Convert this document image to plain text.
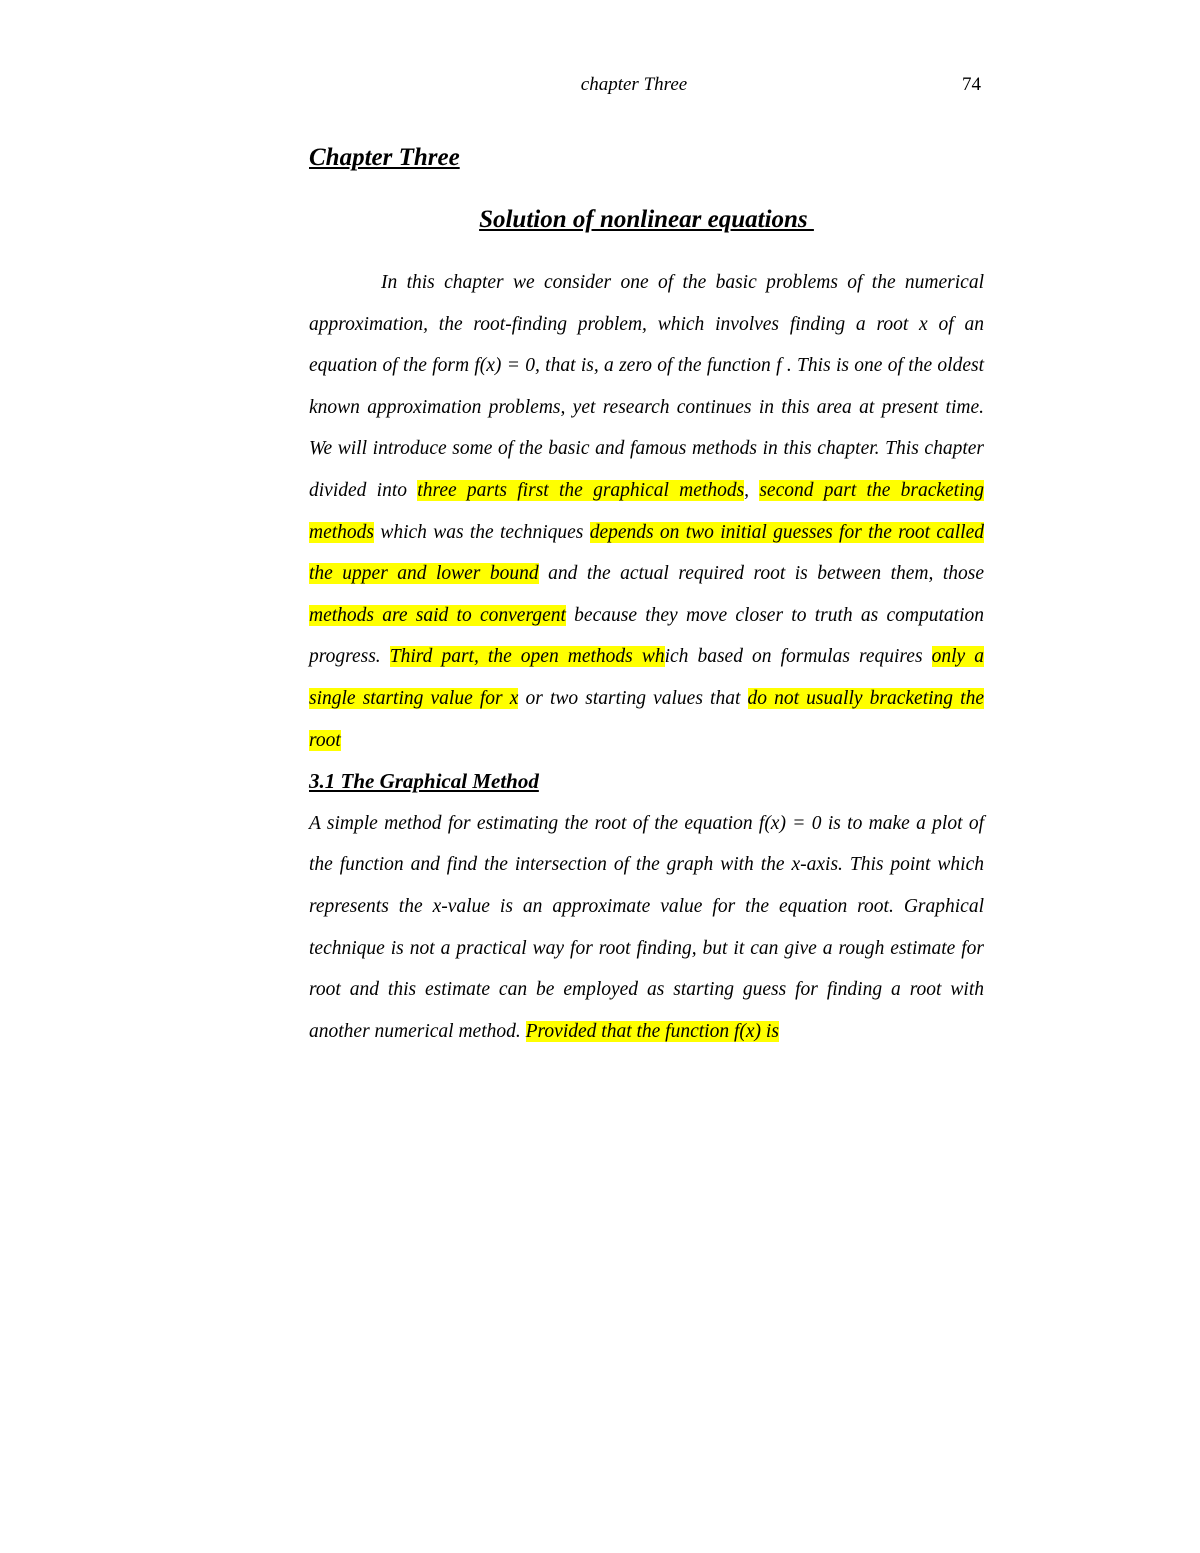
chapter Three	74
Chapter Three
Solution of nonlinear equations

In this chapter we consider one of the basic problems of the numerical approximation, the root-finding problem, which involves finding a root x of an equation of the form f(x) = 0, that is, a zero of the function f . This is one of the oldest known approximation problems, yet research continues in this area at present time. We will introduce some of the basic and famous methods in this chapter. This chapter divided into three parts first the graphical methods, second part the bracketing methods which was the techniques depends on two initial guesses for the root called the upper and lower bound and the actual required root is between them, those methods are said to convergent because they move closer to truth as computation progress. Third part, the open methods which based on formulas requires only a single starting value for x or two starting values that do not usually bracketing the root

3.1 The Graphical Method

A simple method for estimating the root of the equation f(x) = 0 is to make a plot of the function and find the intersection of the graph with the x-axis. This point which represents the x-value is an approximate value for the equation root. Graphical technique is not a practical way for root finding, but it can give a rough estimate for root and this estimate can be employed as starting guess for finding a root with another numerical method. Provided that the function f(x) is
